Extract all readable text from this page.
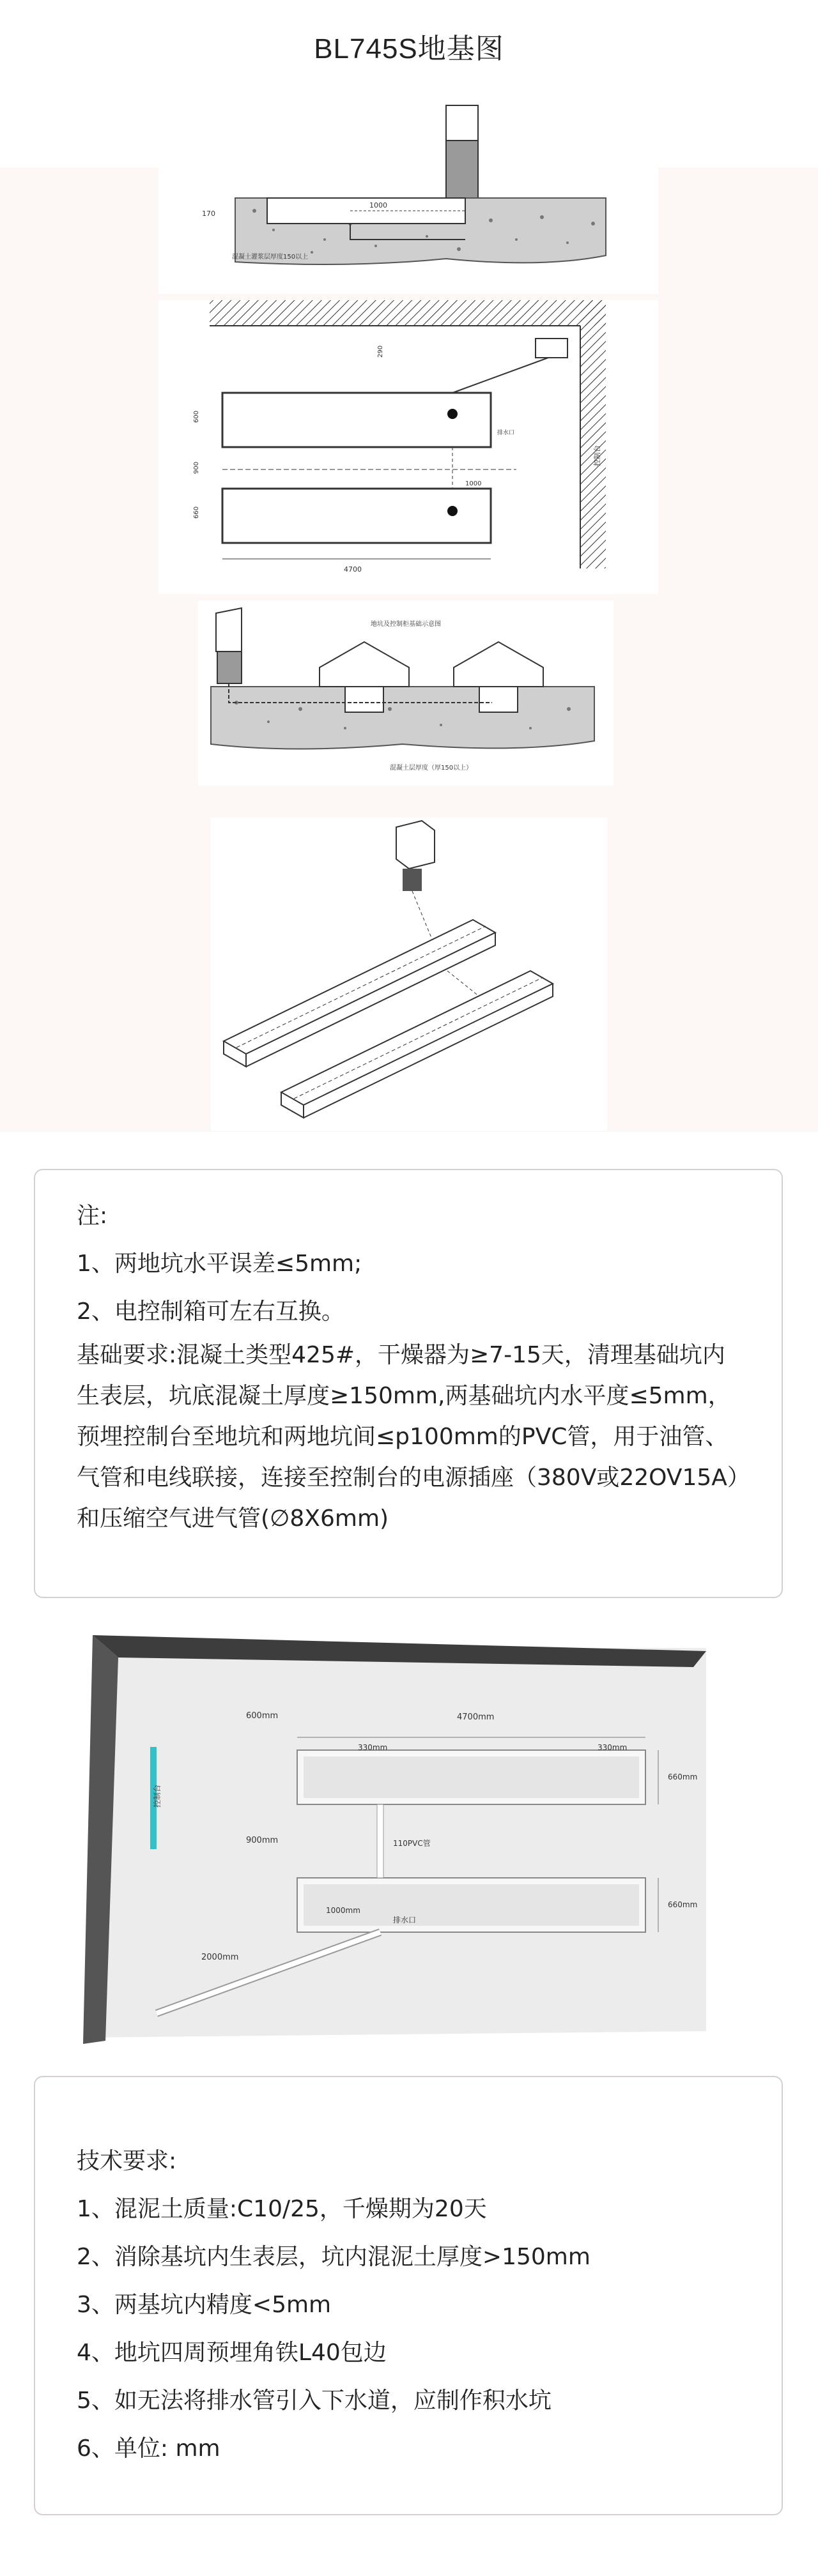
BL745S地基图
170
1000
混凝土灌浆层厚度150以上
600
900
660
4700
1000
290
控制台
排水口
地坑及控制柜基础示意图
混凝土层厚度（厚150以上）
注:
1、两地坑水平误差≤5mm;
2、电控制箱可左右互换。
基础要求:混凝土类型425#，干燥器为≥7-15天，清理基础坑内生表层，坑底混凝土厚度≥150mm,两基础坑内水平度≤5mm，预埋控制台至地坑和两地坑间≤p100mm的PVC管，用于油管、气管和电线联接，连接至控制台的电源插座（380V或22OV15A）和压缩空气进气管(∅8X6mm)
600mm	4700mm
330mm	330mm
660mm
900mm	110PVC管
1000mm
排水口
660mm
2000mm
控制台
技术要求:
1、混泥土质量:C10/25，千燥期为20天
2、消除基坑内生表层，坑内混泥土厚度>150mm
3、两基坑内精度<5mm
4、地坑四周预埋角铁L40包边
5、如无法将排水管引入下水道，应制作积水坑
6、单位: mm
